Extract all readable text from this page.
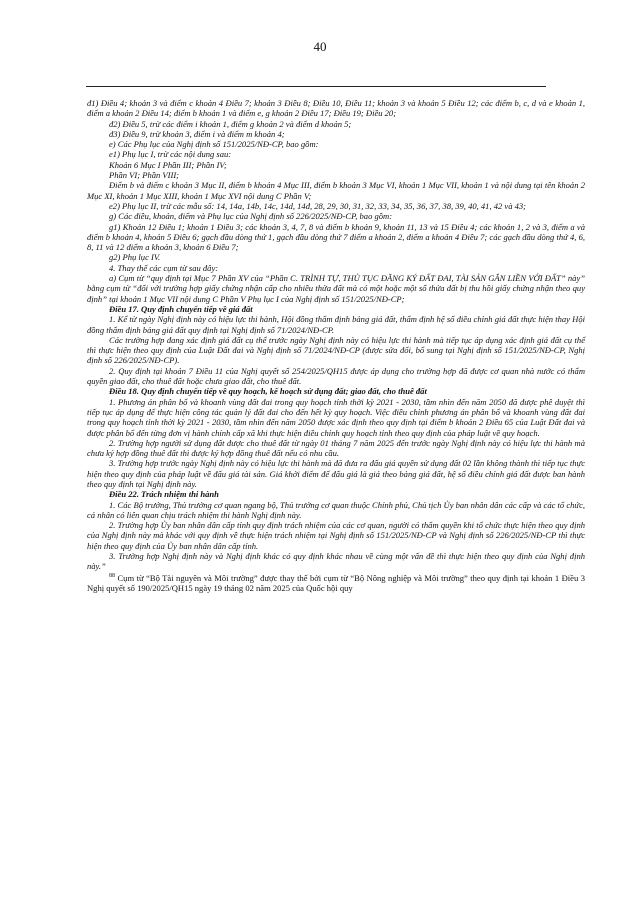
40

đ1) Điều 4; khoản 3 và điểm c khoản 4 Điều 7; khoản 3 Điều 8; Điều 10, Điều 11; khoản 3 và khoản 5 Điều 12; các điểm b, c, d và e khoản 1, điểm a khoản 2 Điều 14; điểm b khoản 1 và điểm e, g khoản 2 Điều 17; Điều 19; Điều 20;

đ2) Điều 5, trừ các điểm i khoản 1, điểm g khoản 2 và điểm d khoản 5;

đ3) Điều 9, trừ khoản 3, điểm i và điểm m khoản 4;

e) Các Phụ lục của Nghị định số 151/2025/NĐ-CP, bao gồm:

e1) Phụ lục I, trừ các nội dung sau:

Khoản 6 Mục I Phần III; Phần IV;

Phần VI; Phần VIII;

Điểm b và điểm c khoản 3 Mục II, điểm b khoản 4 Mục III, điểm b khoản 3 Mục VI, khoản 1 Mục VII, khoản 1 và nội dung tại tên khoản 2 Mục XI, khoản 1 Mục XIII, khoản 1 Mục XVI nội dung C Phần V;

e2) Phụ lục II, trừ các mẫu số: 14, 14a, 14b, 14c, 14d, 14đ, 28, 29, 30, 31, 32, 33, 34, 35, 36, 37, 38, 39, 40, 41, 42 và 43;

g) Các điều, khoản, điểm và Phụ lục của Nghị định số 226/2025/NĐ-CP, bao gồm:

g1) Khoản 12 Điều 1; khoản 1 Điều 3; các khoản 3, 4, 7, 8 và điểm b khoản 9, khoản 11, 13 và 15 Điều 4; các khoản 1, 2 và 3, điểm a và điểm b khoản 4, khoản 5 Điều 6; gạch đầu dòng thứ 1, gạch đầu dòng thứ 7 điểm a khoản 2, điểm a khoản 4 Điều 7; các gạch đầu dòng thứ 4, 6, 8, 11 và 12 điểm a khoản 3, khoản 6 Điều 7;

g2) Phụ lục IV.

4. Thay thế các cụm từ sau đây:

a) Cụm từ “quy định tại Mục 7 Phần XV của “Phần C. TRÌNH TỰ, THỦ TỤC ĐĂNG KÝ ĐẤT ĐAI, TÀI SẢN GẮN LIỀN VỚI ĐẤT” này” bằng cụm từ “đối với trường hợp giấy chứng nhận cấp cho nhiều thửa đất mà có một hoặc một số thửa đất bị thu hồi giấy chứng nhận theo quy định” tại khoản 1 Mục VII nội dung C Phần V Phụ lục I của Nghị định số 151/2025/NĐ-CP;

Điều 17. Quy định chuyển tiếp về giá đất

1. Kể từ ngày Nghị định này có hiệu lực thi hành, Hội đồng thẩm định bảng giá đất, thẩm định hệ số điều chỉnh giá đất thực hiện thay Hội đồng thẩm định bảng giá đất quy định tại Nghị định số 71/2024/NĐ-CP.

Các trường hợp đang xác định giá đất cụ thể trước ngày Nghị định này có hiệu lực thi hành mà tiếp tục áp dụng xác định giá đất cụ thể thì thực hiện theo quy định của Luật Đất đai và Nghị định số 71/2024/NĐ-CP (được sửa đổi, bổ sung tại Nghị định số 151/2025/NĐ-CP, Nghị định số 226/2025/NĐ-CP).

2. Quy định tại khoản 7 Điều 11 của Nghị quyết số 254/2025/QH15 được áp dụng cho trường hợp đã được cơ quan nhà nước có thẩm quyền giao đất, cho thuê đất hoặc chưa giao đất, cho thuê đất.

Điều 18. Quy định chuyển tiếp về quy hoạch, kế hoạch sử dụng đất; giao đất, cho thuê đất

1. Phương án phân bổ và khoanh vùng đất đai trong quy hoạch tỉnh thời kỳ 2021 - 2030, tầm nhìn đến năm 2050 đã được phê duyệt thì tiếp tục áp dụng để thực hiện công tác quản lý đất đai cho đến hết kỳ quy hoạch. Việc điều chỉnh phương án phân bổ và khoanh vùng đất đai trong quy hoạch tỉnh thời kỳ 2021 - 2030, tầm nhìn đến năm 2050 được xác định theo quy định tại điểm b khoản 2 Điều 65 của Luật Đất đai và được phân bổ đến từng đơn vị hành chính cấp xã khi thực hiện điều chỉnh quy hoạch tỉnh theo quy định của pháp luật về quy hoạch.

2. Trường hợp người sử dụng đất được cho thuê đất từ ngày 01 tháng 7 năm 2025 đến trước ngày Nghị định này có hiệu lực thi hành mà chưa ký hợp đồng thuê đất thì được ký hợp đồng thuê đất nếu có nhu cầu.

3. Trường hợp trước ngày Nghị định này có hiệu lực thi hành mà đã đưa ra đấu giá quyền sử dụng đất 02 lần không thành thì tiếp tục thực hiện theo quy định của pháp luật về đấu giá tài sản. Giá khởi điểm để đấu giá là giá theo bảng giá đất, hệ số điều chỉnh giá đất được ban hành theo quy định tại Nghị định này.

Điều 22. Trách nhiệm thi hành

1. Các Bộ trưởng, Thủ trưởng cơ quan ngang bộ, Thủ trưởng cơ quan thuộc Chính phủ, Chủ tịch Ủy ban nhân dân các cấp và các tổ chức, cá nhân có liên quan chịu trách nhiệm thi hành Nghị định này.

2. Trường hợp Ủy ban nhân dân cấp tỉnh quy định trách nhiệm của các cơ quan, người có thẩm quyền khi tổ chức thực hiện theo quy định của Nghị định này mà khác với quy định về thực hiện trách nhiệm tại Nghị định số 151/2025/NĐ-CP và Nghị định số 226/2025/NĐ-CP thì thực hiện theo quy định của Ủy ban nhân dân cấp tỉnh.

3. Trường hợp Nghị định này và Nghị định khác có quy định khác nhau về cùng một vấn đề thì thực hiện theo quy định của Nghị định này.”

$^{88}$ Cụm từ “Bộ Tài nguyên và Môi trường” được thay thế bởi cụm từ “Bộ Nông nghiệp và Môi trường” theo quy định tại khoản 1 Điều 3 Nghị quyết số 190/2025/QH15 ngày 19 tháng 02 năm 2025 của Quốc hội quy
